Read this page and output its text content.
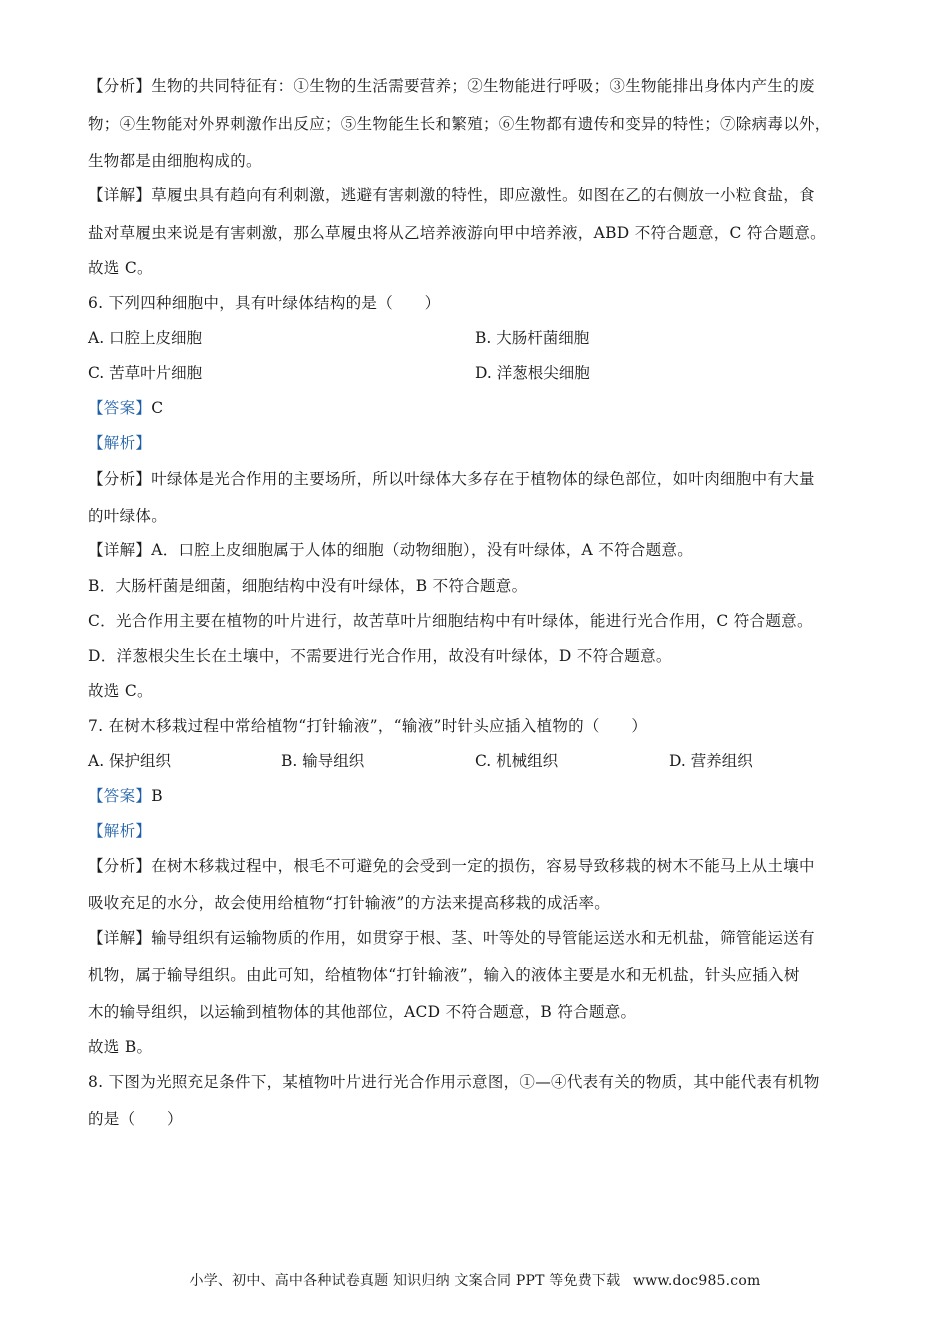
【分析】生物的共同特征有：①生物的生活需要营养；②生物能进行呼吸；③生物能排出身体内产生的废
物；④生物能对外界刺激作出反应；⑤生物能生长和繁殖；⑥生物都有遗传和变异的特性；⑦除病毒以外，
生物都是由细胞构成的。
【详解】草履虫具有趋向有利刺激，逃避有害刺激的特性，即应激性。如图在乙的右侧放一小粒食盐，食
盐对草履虫来说是有害刺激，那么草履虫将从乙培养液游向甲中培养液，ABD 不符合题意，C 符合题意。
故选 C。
6. 下列四种细胞中，具有叶绿体结构的是（　　）
A. 口腔上皮细胞	B. 大肠杆菌细胞
C. 苦草叶片细胞	D. 洋葱根尖细胞
【答案】C
【解析】
【分析】叶绿体是光合作用的主要场所，所以叶绿体大多存在于植物体的绿色部位，如叶肉细胞中有大量
的叶绿体。
【详解】A．口腔上皮细胞属于人体的细胞（动物细胞），没有叶绿体，A 不符合题意。
B．大肠杆菌是细菌，细胞结构中没有叶绿体，B 不符合题意。
C．光合作用主要在植物的叶片进行，故苦草叶片细胞结构中有叶绿体，能进行光合作用，C 符合题意。
D．洋葱根尖生长在土壤中，不需要进行光合作用，故没有叶绿体，D 不符合题意。
故选 C。
7. 在树木移栽过程中常给植物“打针输液”，“输液”时针头应插入植物的（　　）
A. 保护组织	B. 输导组织	C. 机械组织	D. 营养组织
【答案】B
【解析】
【分析】在树木移栽过程中，根毛不可避免的会受到一定的损伤，容易导致移栽的树木不能马上从土壤中
吸收充足的水分，故会使用给植物“打针输液”的方法来提高移栽的成活率。
【详解】输导组织有运输物质的作用，如贯穿于根、茎、叶等处的导管能运送水和无机盐，筛管能运送有
机物，属于输导组织。由此可知，给植物体“打针输液”，输入的液体主要是水和无机盐，针头应插入树
木的输导组织，以运输到植物体的其他部位，ACD 不符合题意，B 符合题意。
故选 B。
8. 下图为光照充足条件下，某植物叶片进行光合作用示意图，①—④代表有关的物质，其中能代表有机物
的是（　　）
小学、初中、高中各种试卷真题 知识归纳 文案合同 PPT 等免费下载 www.doc985.com
